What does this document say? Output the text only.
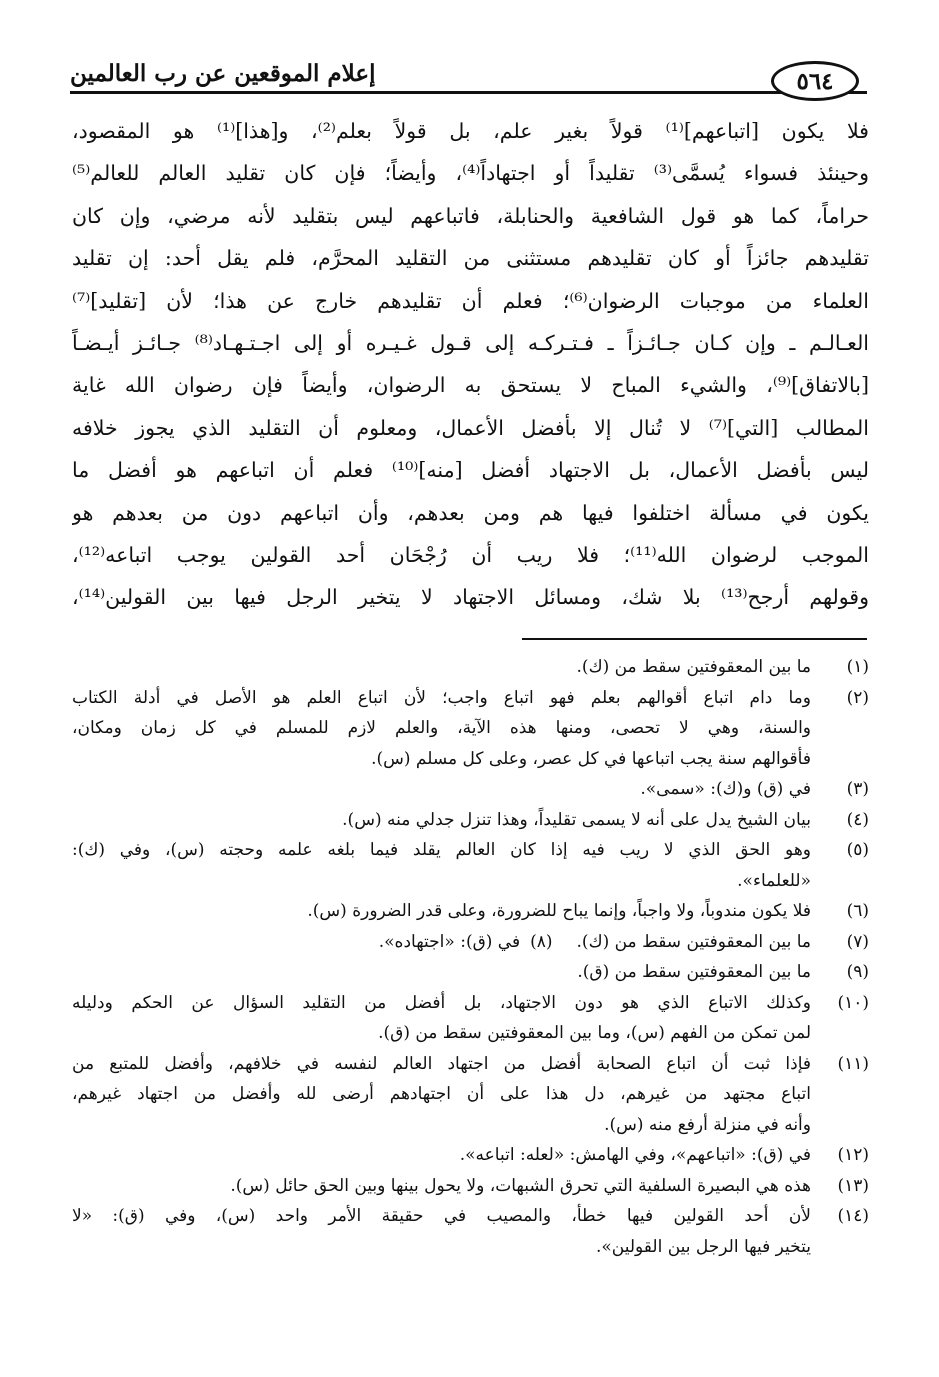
إعلام الموقعين عن رب العالمين	٥٦٤
فلا يكون [اتباعهم]⁽¹⁾ قولاً بغير علم، بل قولاً بعلم⁽²⁾، و[هذا]⁽¹⁾ هو المقصود،
وحينئذ فسواء يُسمَّى⁽³⁾ تقليداً أو اجتهاداً⁽⁴⁾، وأيضاً؛ فإن كان تقليد العالم للعالم⁽⁵⁾
حراماً، كما هو قول الشافعية والحنابلة، فاتباعهم ليس بتقليد لأنه مرضي، وإن كان
تقليدهم جائزاً أو كان تقليدهم مستثنى من التقليد المحرَّم، فلم يقل أحد: إن تقليد
العلماء من موجبات الرضوان⁽⁶⁾؛ فعلم أن تقليدهم خارج عن هذا؛ لأن [تقليد]⁽⁷⁾
العـالـم ـ وإن كـان جـائـزاً ـ فـتـركـه إلى قـول غـيـره أو إلى اجـتـهـاد⁽⁸⁾ جـائـز أيـضـاً
[بالاتفاق]⁽⁹⁾، والشيء المباح لا يستحق به الرضوان، وأيضاً فإن رضوان الله غاية
المطالب [التي]⁽⁷⁾ لا تُنال إلا بأفضل الأعمال، ومعلوم أن التقليد الذي يجوز خلافه
ليس بأفضل الأعمال، بل الاجتهاد أفضل [منه]⁽¹⁰⁾ فعلم أن اتباعهم هو أفضل ما
يكون في مسألة اختلفوا فيها هم ومن بعدهم، وأن اتباعهم دون من بعدهم هو
الموجب لرضوان الله⁽¹¹⁾؛ فلا ريب أن رُجْحَان أحد القولين يوجب اتباعه⁽¹²⁾،
وقولهم أرجح⁽¹³⁾ بلا شك، ومسائل الاجتهاد لا يتخير الرجل فيها بين القولين⁽¹⁴⁾،
(١)
ما بين المعقوفتين سقط من (ك).
(٢)
وما دام اتباع أقوالهم بعلم فهو اتباع واجب؛ لأن اتباع العلم هو الأصل في أدلة الكتاب
والسنة، وهي لا تحصى، ومنها هذه الآية، والعلم لازم للمسلم في كل زمان ومكان،
فأقوالهم سنة يجب اتباعها في كل عصر، وعلى كل مسلم (س).
(٣)
في (ق) و(ك): «سمى».
(٤)
بيان الشيخ يدل على أنه لا يسمى تقليداً، وهذا تنزل جدلي منه (س).
(٥)
وهو الحق الذي لا ريب فيه إذا كان العالم يقلد فيما بلغه علمه وحجته (س)، وفي (ك):
«للعلماء».
(٦)
فلا يكون مندوباً، ولا واجباً، وإنما يباح للضرورة، وعلى قدر الضرورة (س).
(٧)
ما بين المعقوفتين سقط من (ك).
(٨)
في (ق): «اجتهاده».
(٩)
ما بين المعقوفتين سقط من (ق).
(١٠)
وكذلك الاتباع الذي هو دون الاجتهاد، بل أفضل من التقليد السؤال عن الحكم ودليله
لمن تمكن من الفهم (س)، وما بين المعقوفتين سقط من (ق).
(١١)
فإذا ثبت أن اتباع الصحابة أفضل من اجتهاد العالم لنفسه في خلافهم، وأفضل للمتبع من
اتباع مجتهد من غيرهم، دل هذا على أن اجتهادهم أرضى لله وأفضل من اجتهاد غيرهم،
وأنه في منزلة أرفع منه (س).
(١٢)
في (ق): «اتباعهم»، وفي الهامش: «لعله: اتباعه».
(١٣)
هذه هي البصيرة السلفية التي تحرق الشبهات، ولا يحول بينها وبين الحق حائل (س).
(١٤)
لأن أحد القولين فيها خطأ، والمصيب في حقيقة الأمر واحد (س)، وفي (ق): «لا
يتخير فيها الرجل بين القولين».
